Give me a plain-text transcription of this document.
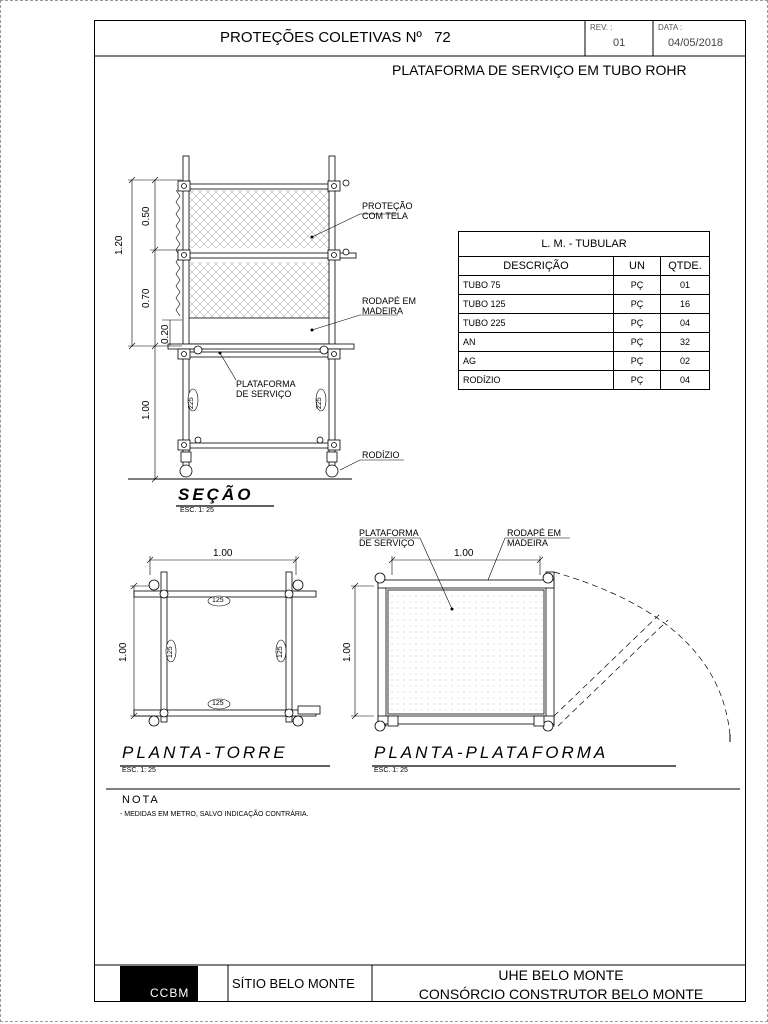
PROTEÇÕES COLETIVAS Nº 72
REV. :
01
DATA :
04/05/2018
PLATAFORMA DE SERVIÇO EM TUBO ROHR
1.20
0.50
0.70
0.20
1.00	225	225
PROTEÇÃO
COM TELA
RODAPÉ EM
MADEIRA
PLATAFORMA
DE SERVIÇO
RODÍZIO
SEÇÃO
ESC. 1: 25
L. M. - TUBULAR		
DESCRIÇÃO	UN	QTDE.
TUBO 75	PÇ	01
TUBO 125	PÇ	16
TUBO 225	PÇ	04
AN	PÇ	32
AG	PÇ	02
RODÍZIO	PÇ	04
1.00
1.00
125
125
125	125
PLANTA-TORRE
ESC. 1: 25
PLATAFORMA
DE SERVIÇO
RODAPÉ EM
MADEIRA
1.00
1.00
PLANTA-PLATAFORMA
ESC. 1: 25
NOTA
- MEDIDAS EM METRO, SALVO INDICAÇÃO CONTRÁRIA.
CCBM
SÍTIO BELO MONTE
UHE BELO MONTE
CONSÓRCIO CONSTRUTOR BELO MONTE
